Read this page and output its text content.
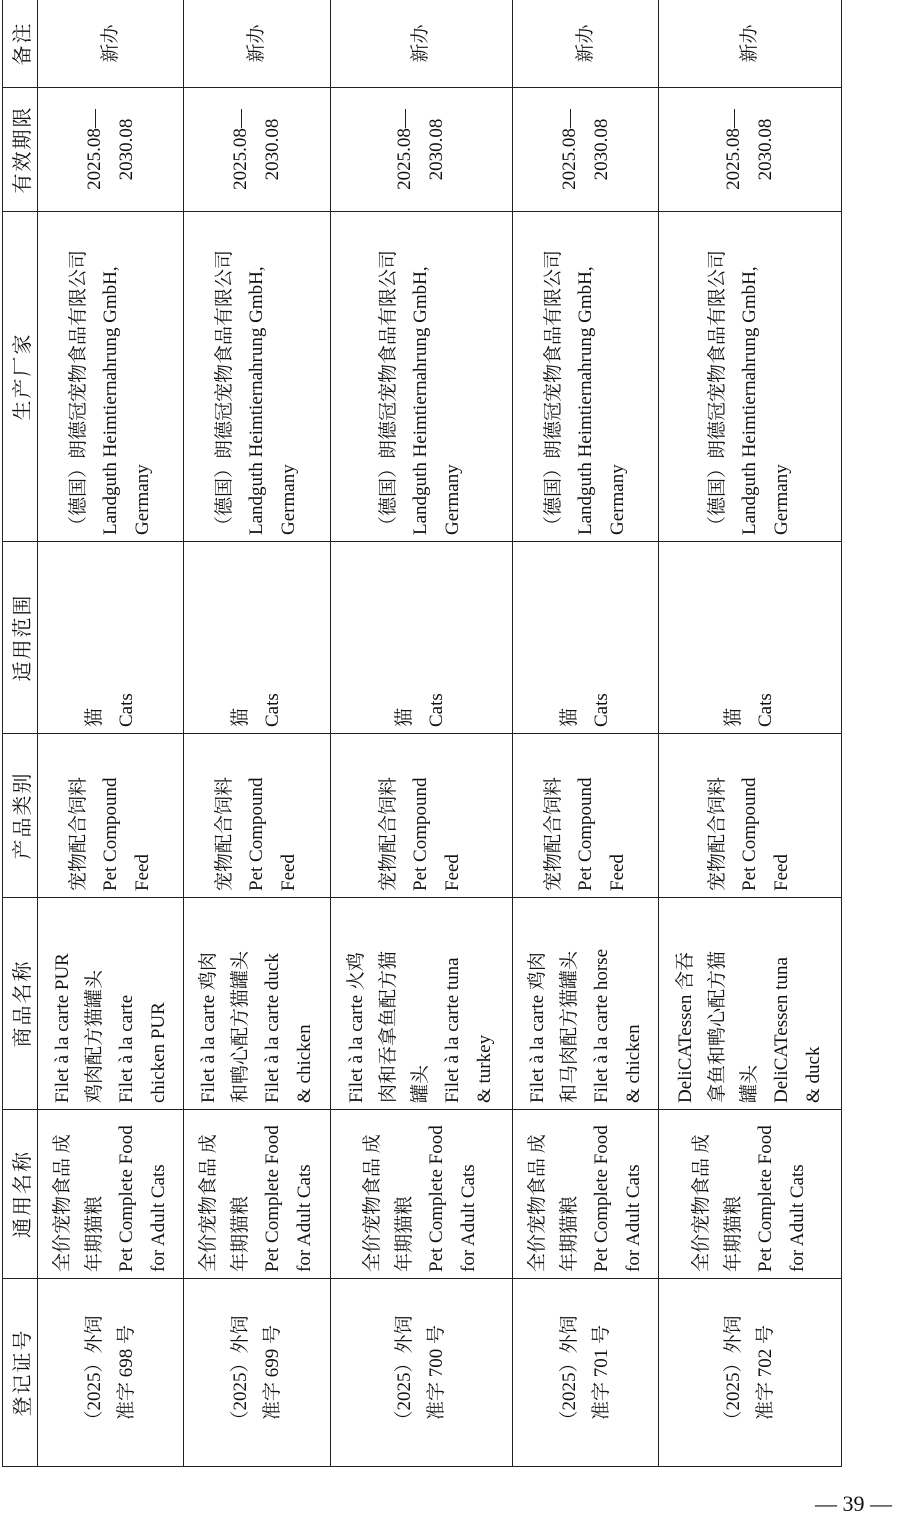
登记证号	通用名称	商品名称	产品类别	适用范围	生产厂家	有效期限	备注

（2025）外饲 准字 698 号	全价宠物食品 成 年期猫粮 Pet Complete Food for Adult Cats	Filet à la carte PUR 鸡肉配方猫罐头 Filet à la carte chicken PUR	宠物配合饲料 Pet Compound Feed	猫 Cats	（德国）朗德冠宠物食品有限公司 Landguth Heimtiernahrung GmbH, Germany	2025.08— 2030.08	新办

（2025）外饲 准字 699 号	全价宠物食品 成 年期猫粮 Pet Complete Food for Adult Cats	Filet à la carte 鸡肉 和鸭心配方猫罐头 Filet à la carte duck & chicken	宠物配合饲料 Pet Compound Feed	猫 Cats	（德国）朗德冠宠物食品有限公司 Landguth Heimtiernahrung GmbH, Germany	2025.08— 2030.08	新办

（2025）外饲 准字 700 号	全价宠物食品 成 年期猫粮 Pet Complete Food for Adult Cats	Filet à la carte 火鸡 肉和吞拿鱼配方猫 罐头 Filet à la carte tuna & turkey	宠物配合饲料 Pet Compound Feed	猫 Cats	（德国）朗德冠宠物食品有限公司 Landguth Heimtiernahrung GmbH, Germany	2025.08— 2030.08	新办

（2025）外饲 准字 701 号	全价宠物食品 成 年期猫粮 Pet Complete Food for Adult Cats	Filet à la carte 鸡肉 和马肉配方猫罐头 Filet à la carte horse & chicken	宠物配合饲料 Pet Compound Feed	猫 Cats	（德国）朗德冠宠物食品有限公司 Landguth Heimtiernahrung GmbH, Germany	2025.08— 2030.08	新办

（2025）外饲 准字 702 号	全价宠物食品 成 年期猫粮 Pet Complete Food for Adult Cats	DeliCATessen 含吞 拿鱼和鸭心配方猫 罐头 DeliCATessen tuna & duck	宠物配合饲料 Pet Compound Feed	猫 Cats	（德国）朗德冠宠物食品有限公司 Landguth Heimtiernahrung GmbH, Germany	2025.08— 2030.08	新办
— 39 —
